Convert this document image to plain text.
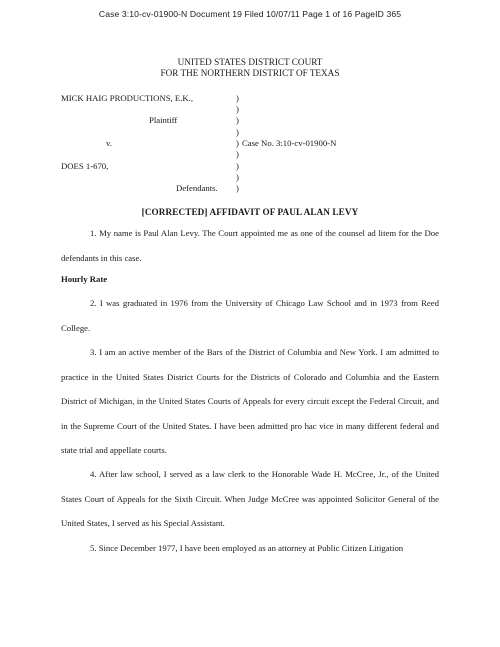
Case 3:10-cv-01900-N Document 19 Filed 10/07/11 Page 1 of 16 PageID 365
UNITED STATES DISTRICT COURT
FOR THE NORTHERN DISTRICT OF TEXAS
MICK HAIG PRODUCTIONS, E.K.,
Plaintiff
v.	Case No. 3:10-cv-01900-N
DOES 1-670,
Defendants.
)
)
)
)
)
)
)
)
)
[CORRECTED] AFFIDAVIT OF PAUL ALAN LEVY

1. My name is Paul Alan Levy. The Court appointed me as one of the counsel ad litem for the Doe defendants in this case.

Hourly Rate

2. I was graduated in 1976 from the University of Chicago Law School and in 1973 from Reed College.

3. I am an active member of the Bars of the District of Columbia and New York. I am admitted to practice in the United States District Courts for the Districts of Colorado and Columbia and the Eastern District of Michigan, in the United States Courts of Appeals for every circuit except the Federal Circuit, and in the Supreme Court of the United States. I have been admitted pro hac vice in many different federal and state trial and appellate courts.

4. After law school, I served as a law clerk to the Honorable Wade H. McCree, Jr., of the United States Court of Appeals for the Sixth Circuit. When Judge McCree was appointed Solicitor General of the United States, I served as his Special Assistant.

5. Since December 1977, I have been employed as an attorney at Public Citizen Litigation
